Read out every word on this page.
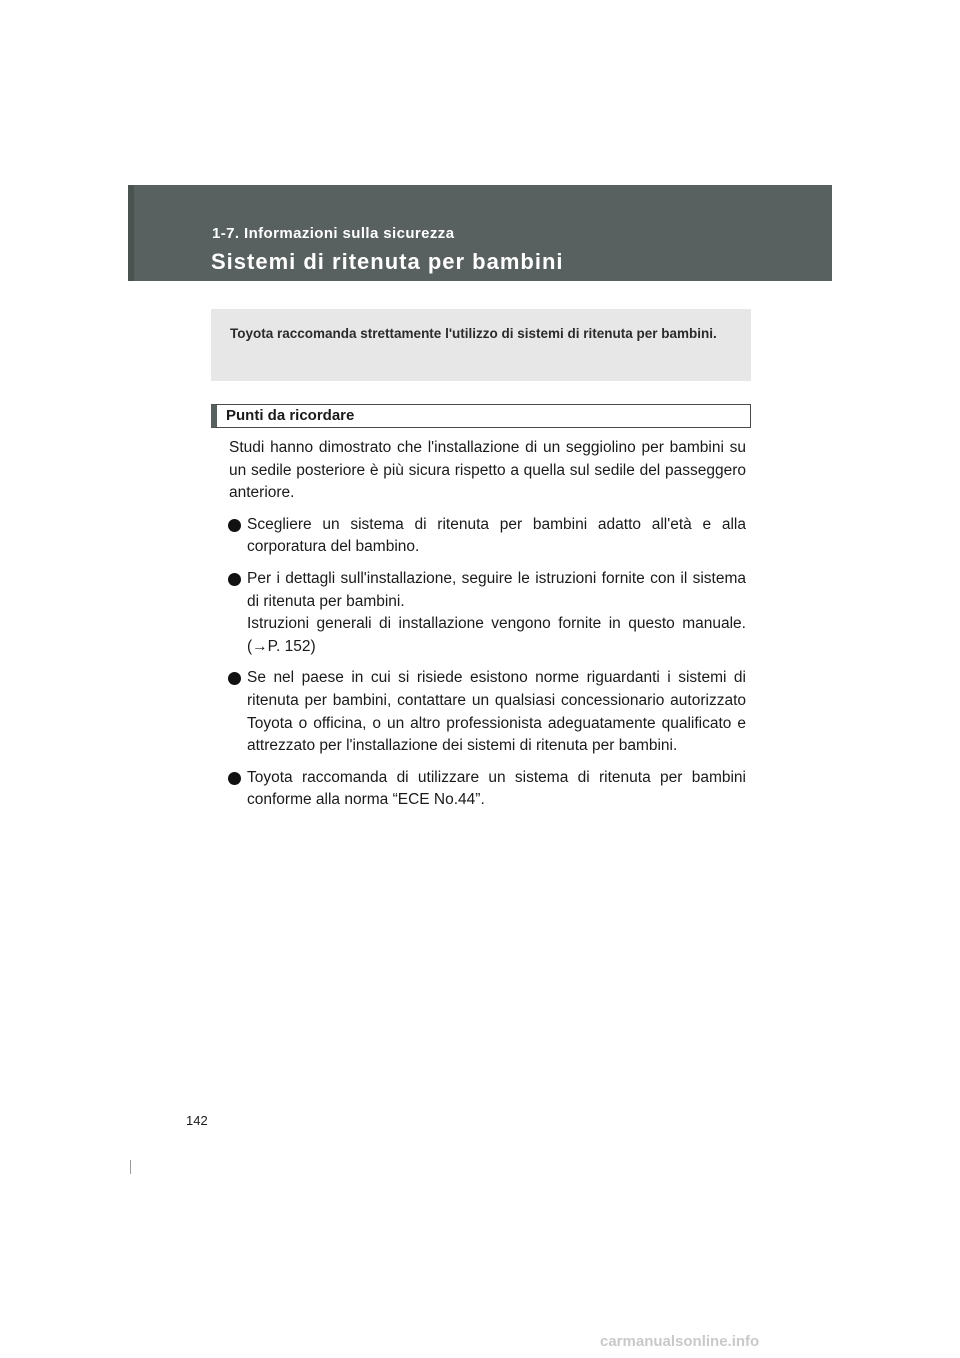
1-7. Informazioni sulla sicurezza
Sistemi di ritenuta per bambini

Toyota raccomanda strettamente l'utilizzo di sistemi di ritenuta per bambini.

Punti da ricordare

Studi hanno dimostrato che l'installazione di un seggiolino per bambini su un sedile posteriore è più sicura rispetto a quella sul sedile del passeggero anteriore.

Scegliere un sistema di ritenuta per bambini adatto all'età e alla corporatura del bambino.

Per i dettagli sull'installazione, seguire le istruzioni fornite con il sistema di ritenuta per bambini.

Istruzioni generali di installazione vengono fornite in questo manuale. (→P. 152)

Se nel paese in cui si risiede esistono norme riguardanti i sistemi di ritenuta per bambini, contattare un qualsiasi concessionario autorizzato Toyota o officina, o un altro professionista adeguatamente qualificato e attrezzato per l'installazione dei sistemi di ritenuta per bambini.

Toyota raccomanda di utilizzare un sistema di ritenuta per bambini conforme alla norma “ECE No.44”.

142
carmanualsonline.info
